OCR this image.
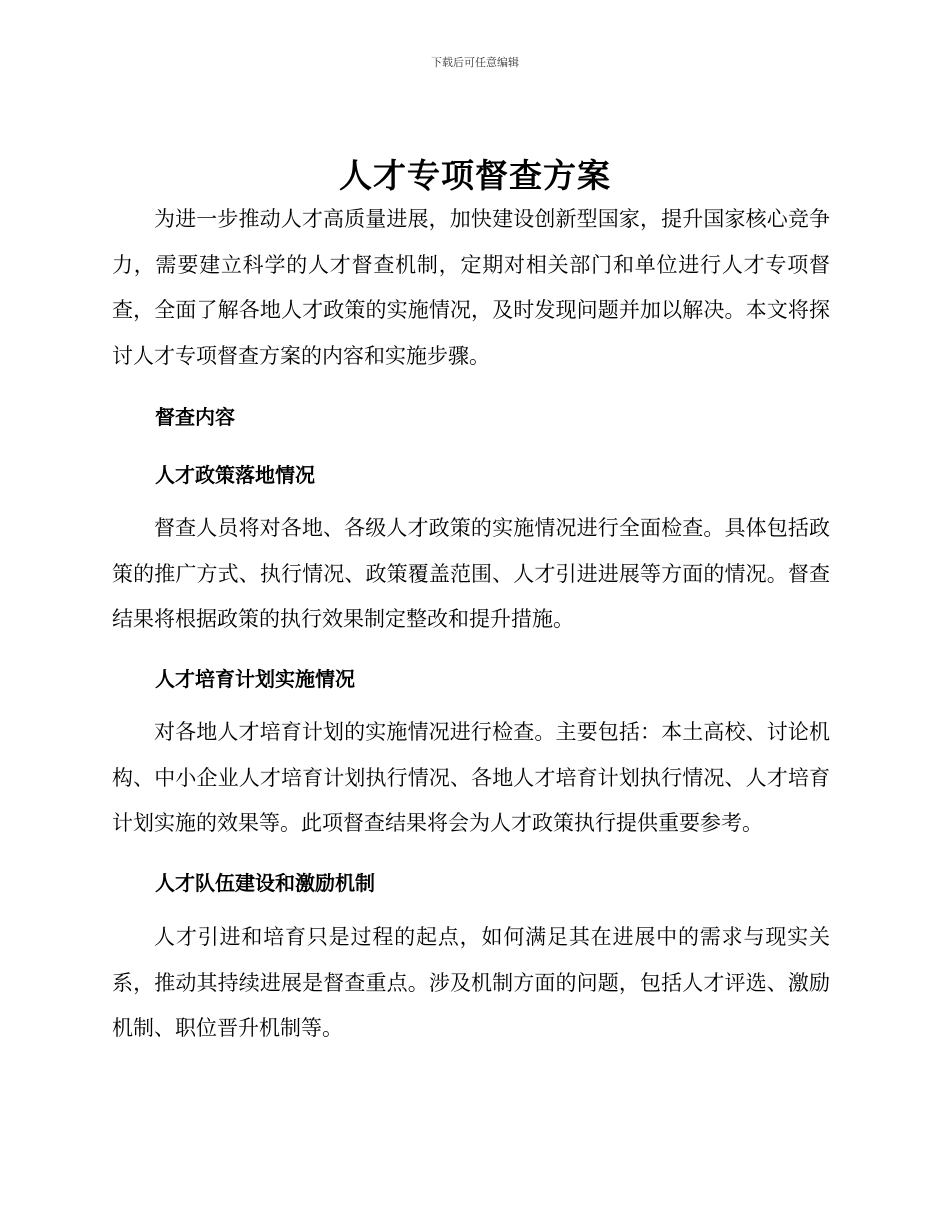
下载后可任意编辑
人才专项督查方案

为进一步推动人才高质量进展，加快建设创新型国家，提升国家核心竞争力，需要建立科学的人才督查机制，定期对相关部门和单位进行人才专项督查，全面了解各地人才政策的实施情况，及时发现问题并加以解决。本文将探讨人才专项督查方案的内容和实施步骤。

督查内容

人才政策落地情况

督查人员将对各地、各级人才政策的实施情况进行全面检查。具体包括政策的推广方式、执行情况、政策覆盖范围、人才引进进展等方面的情况。督查结果将根据政策的执行效果制定整改和提升措施。

人才培育计划实施情况

对各地人才培育计划的实施情况进行检查。主要包括：本土高校、讨论机构、中小企业人才培育计划执行情况、各地人才培育计划执行情况、人才培育计划实施的效果等。此项督查结果将会为人才政策执行提供重要参考。

人才队伍建设和激励机制

人才引进和培育只是过程的起点，如何满足其在进展中的需求与现实关系，推动其持续进展是督查重点。涉及机制方面的问题，包括人才评选、激励机制、职位晋升机制等。
